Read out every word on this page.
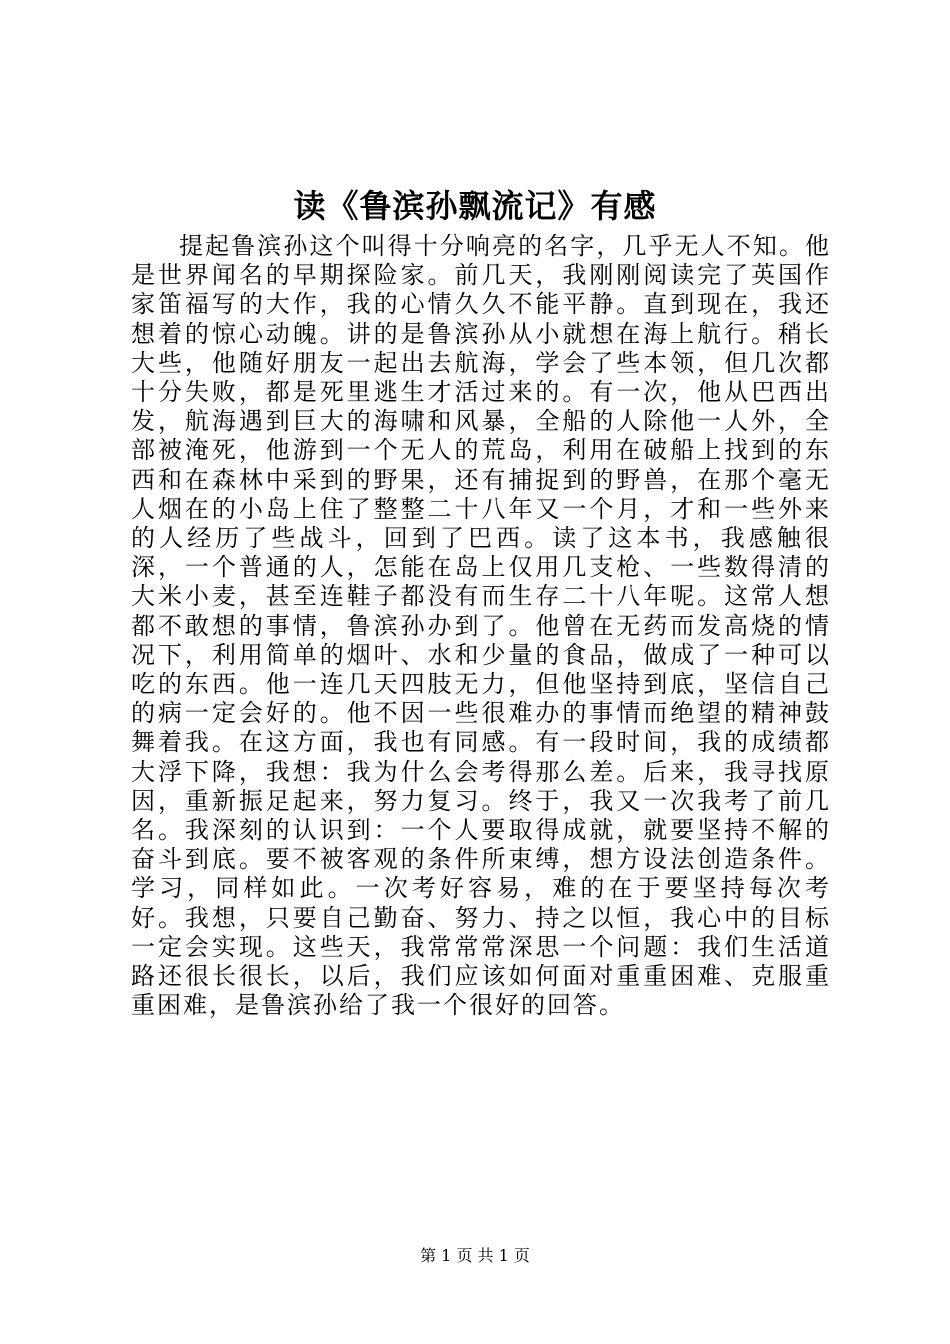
读《鲁滨孙飘流记》有感

提起鲁滨孙这个叫得十分响亮的名字，几乎无人不知。他是世界闻名的早期探险家。前几天，我刚刚阅读完了英国作家笛福写的大作，我的心情久久不能平静。直到现在，我还想着的惊心动魄。讲的是鲁滨孙从小就想在海上航行。稍长大些，他随好朋友一起出去航海，学会了些本领，但几次都十分失败，都是死里逃生才活过来的。有一次，他从巴西出发，航海遇到巨大的海啸和风暴，全船的人除他一人外，全部被淹死，他游到一个无人的荒岛，利用在破船上找到的东西和在森林中采到的野果，还有捕捉到的野兽，在那个毫无人烟在的小岛上住了整整二十八年又一个月，才和一些外来的人经历了些战斗，回到了巴西。读了这本书，我感触很深，一个普通的人，怎能在岛上仅用几支枪、一些数得清的大米小麦，甚至连鞋子都没有而生存二十八年呢。这常人想都不敢想的事情，鲁滨孙办到了。他曾在无药而发高烧的情况下，利用简单的烟叶、水和少量的食品，做成了一种可以吃的东西。他一连几天四肢无力，但他坚持到底，坚信自己的病一定会好的。他不因一些很难办的事情而绝望的精神鼓舞着我。在这方面，我也有同感。有一段时间，我的成绩都大浮下降，我想：我为什么会考得那么差。后来，我寻找原因，重新振足起来，努力复习。终于，我又一次我考了前几名。我深刻的认识到：一个人要取得成就，就要坚持不解的奋斗到底。要不被客观的条件所束缚，想方设法创造条件。学习，同样如此。一次考好容易，难的在于要坚持每次考好。我想，只要自己勤奋、努力、持之以恒，我心中的目标一定会实现。这些天，我常常常深思一个问题：我们生活道路还很长很长，以后，我们应该如何面对重重困难、克服重重困难，是鲁滨孙给了我一个很好的回答。

第 1 页 共 1 页
